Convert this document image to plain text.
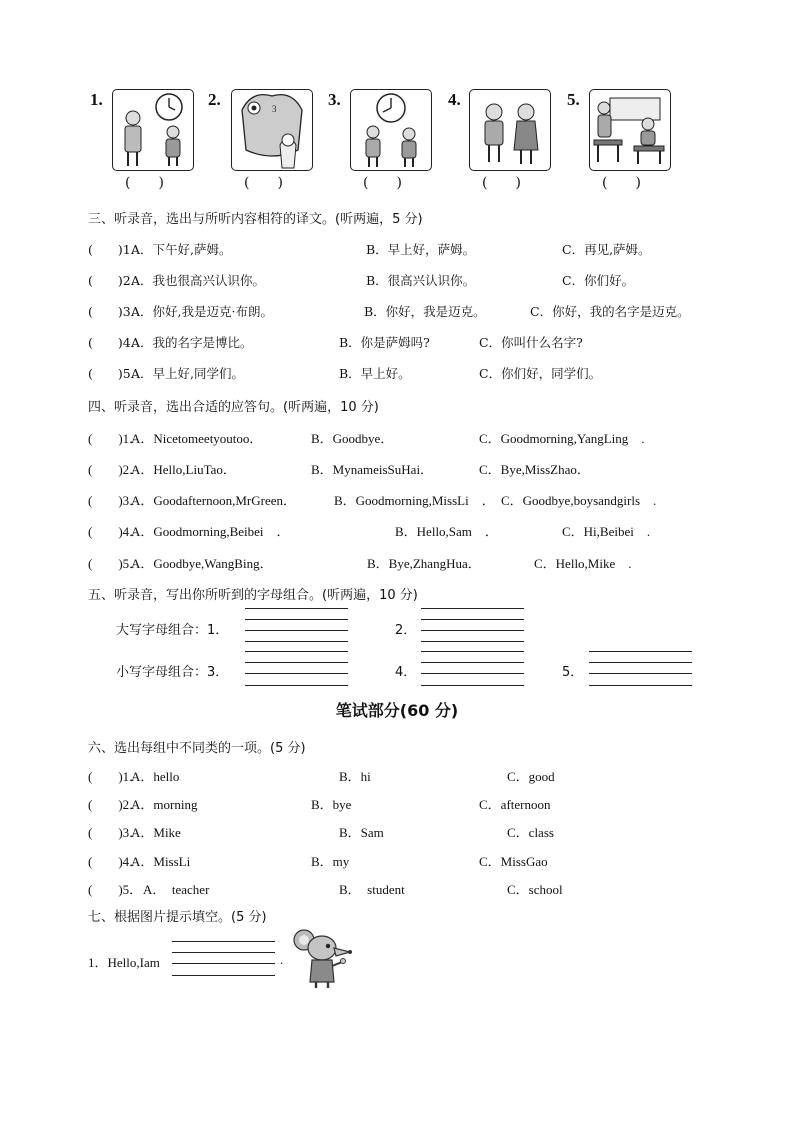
1.
(　　)
2.	3
(　　)
3.
(　　)
4.
(　　)
5.
(　　)
三、听录音，选出与所听内容相符的译文。(听两遍，5 分)
(　　)1．
A．下午好,萨姆。	B．早上好，萨姆。	C．再见,萨姆。
(　　)2．
A．我也很高兴认识你。	B．很高兴认识你。	C．你们好。
(　　)3．
A．你好,我是迈克·布朗。	B．你好，我是迈克。	C．你好，我的名字是迈克。
(　　)4．
A．我的名字是博比。	B．你是萨姆吗?	C．你叫什么名字?
(　　)5．
A．早上好,同学们。	B．早上好。	C．你们好，同学们。
四、听录音，选出合适的应答句。(听两遍，10 分)
(　　)1．
A．Nicetomeetyoutoo．	B．Goodbye．	C．Goodmorning,YangLing　.
(　　)2．
A．Hello,LiuTao．	B．MynameisSuHai．	C．Bye,MissZhao．
(　　)3．
A．Goodafternoon,MrGreen．	B．Goodmorning,MissLi　． C．Goodbye,boysandgirls　.
(　　)4．
A．Goodmorning,Beibei　．	B．Hello,Sam　．	C．Hi,Beibei　.
(　　)5．
A．Goodbye,WangBing．	B．Bye,ZhangHua．	C．Hello,Mike　.
五、听录音，写出你所听到的字母组合。(听两遍，10 分)
大写字母组合：1．	2．
小写字母组合：3．	4．	5．
笔试部分(60 分)
六、选出每组中不同类的一项。(5 分)
(　　)1．
A．hello	B．hi	C．good
(　　)2．
A．morning	B．bye	C．afternoon
(　　)3．
A．Mike	B．Sam	C．class
(　　)4．
A．MissLi	B．my	C．MissGao
(　　)5． A．　teacher	B．　student	C．school
七、根据图片提示填空。(5 分)
1．Hello,Iam	.
